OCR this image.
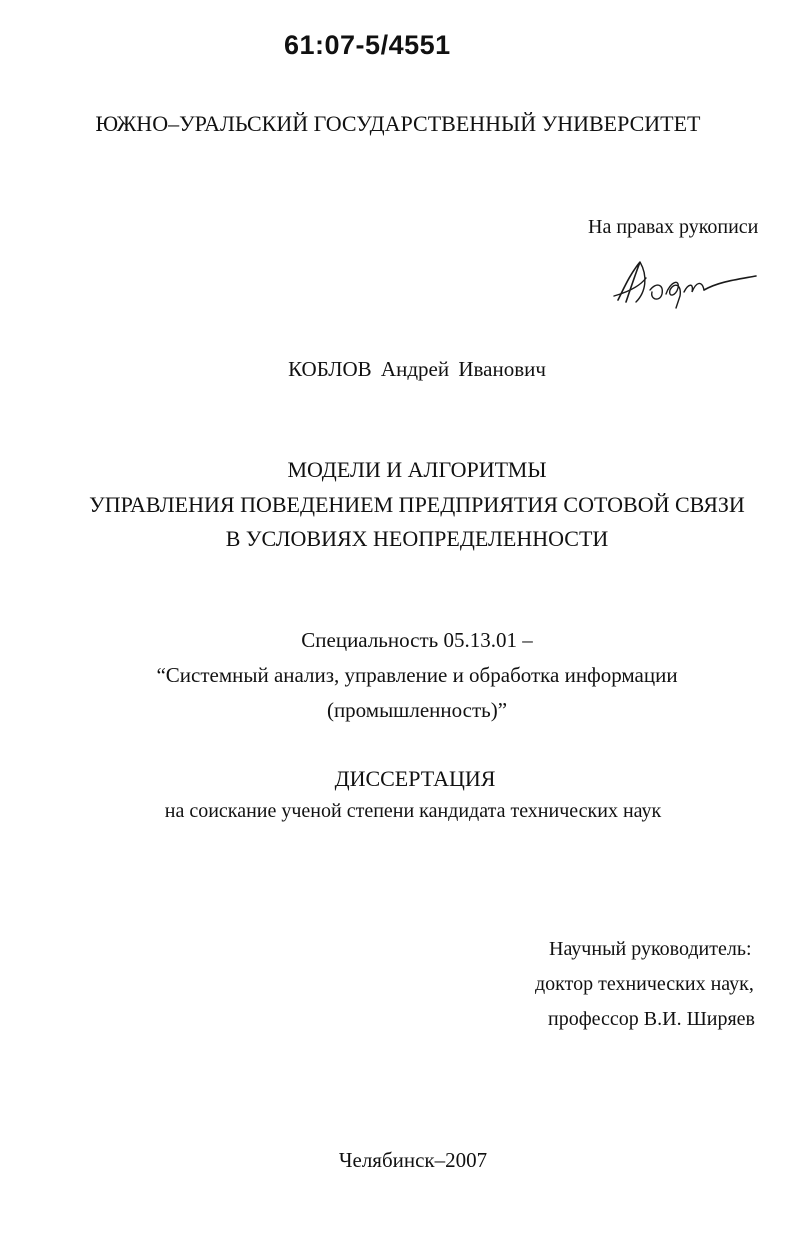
61:07-5/4551
ЮЖНО–УРАЛЬСКИЙ ГОСУДАРСТВЕННЫЙ УНИВЕРСИТЕТ
На правах рукописи
КОБЛОВ Андрей Иванович
МОДЕЛИ И АЛГОРИТМЫ
УПРАВЛЕНИЯ ПОВЕДЕНИЕМ ПРЕДПРИЯТИЯ СОТОВОЙ СВЯЗИ
В УСЛОВИЯХ НЕОПРЕДЕЛЕННОСТИ
Специальность 05.13.01 –
“Системный анализ, управление и обработка информации
(промышленность)”
ДИССЕРТАЦИЯ
на соискание ученой степени кандидата технических наук
Научный руководитель:
доктор технических наук,
профессор В.И. Ширяев
Челябинск–2007
